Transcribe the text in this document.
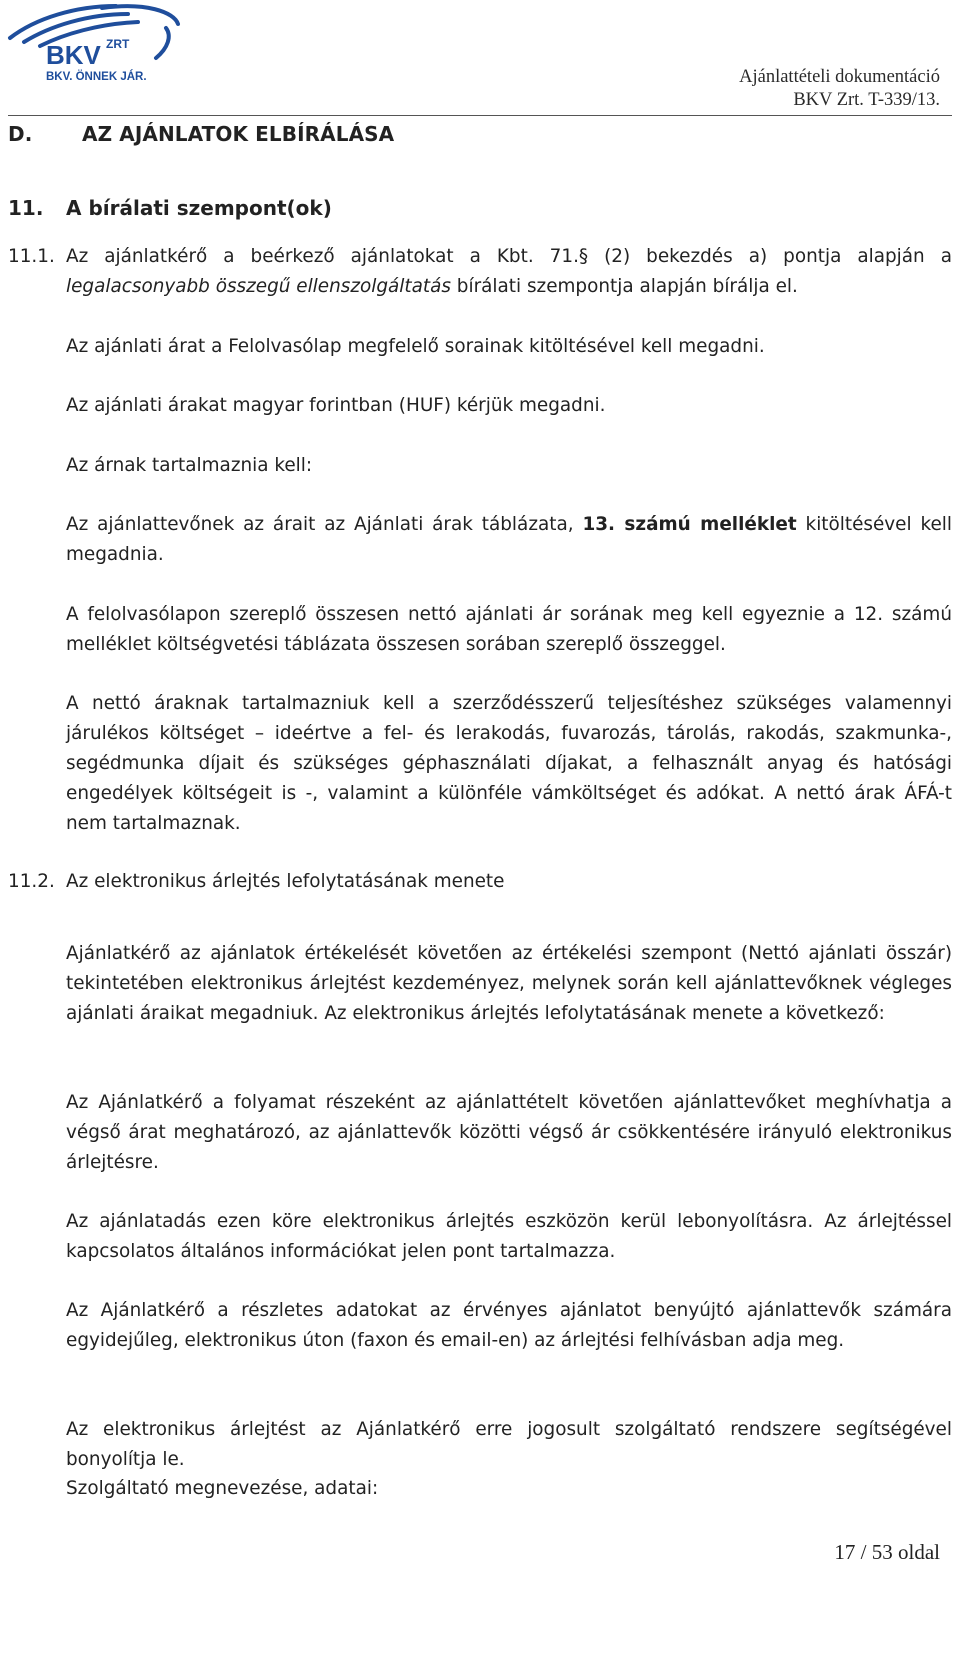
BKV ZRT
BKV. ÖNNEK JÁR.	Ajánlattételi dokumentáció
BKV Zrt. T-339/13.
D. AZ AJÁNLATOK ELBÍRÁLÁSA
11. A bírálati szempont(ok)
11.1. Az ajánlatkérő a beérkező ajánlatokat a Kbt. 71.§ (2) bekezdés a) pontja alapján a
legalacsonyabb összegű ellenszolgáltatás bírálati szempontja alapján bírálja el.
Az ajánlati árat a Felolvasólap megfelelő sorainak kitöltésével kell megadni.
Az ajánlati árakat magyar forintban (HUF) kérjük megadni.
Az árnak tartalmaznia kell:
Az ajánlattevőnek az árait az Ajánlati árak táblázata, 13. számú melléklet kitöltésével kell megadnia.
A felolvasólapon szereplő összesen nettó ajánlati ár sorának meg kell egyeznie a 12. számú melléklet költségvetési táblázata összesen sorában szereplő összeggel.
A nettó áraknak tartalmazniuk kell a szerződésszerű teljesítéshez szükséges valamennyi járulékos költséget – ideértve a fel- és lerakodás, fuvarozás, tárolás, rakodás, szakmunka-, segédmunka díjait és szükséges géphasználati díjakat, a felhasznált anyag és hatósági engedélyek költségeit is -, valamint a különféle vámköltséget és adókat. A nettó árak ÁFÁ-t nem tartalmaznak.
11.2. Az elektronikus árlejtés lefolytatásának menete
Ajánlatkérő az ajánlatok értékelését követően az értékelési szempont (Nettó ajánlati összár) tekintetében elektronikus árlejtést kezdeményez, melynek során kell ajánlattevőknek végleges ajánlati áraikat megadniuk. Az elektronikus árlejtés lefolytatásának menete a következő:
Az Ajánlatkérő a folyamat részeként az ajánlattételt követően ajánlattevőket meghívhatja a végső árat meghatározó, az ajánlattevők közötti végső ár csökkentésére irányuló elektronikus árlejtésre.
Az ajánlatadás ezen köre elektronikus árlejtés eszközön kerül lebonyolításra. Az árlejtéssel kapcsolatos általános információkat jelen pont tartalmazza.
Az Ajánlatkérő a részletes adatokat az érvényes ajánlatot benyújtó ajánlattevők számára egyidejűleg, elektronikus úton (faxon és email-en) az árlejtési felhívásban adja meg.
Az elektronikus árlejtést az Ajánlatkérő erre jogosult szolgáltató rendszere segítségével bonyolítja le.
Szolgáltató megnevezése, adatai:
17 / 53 oldal
